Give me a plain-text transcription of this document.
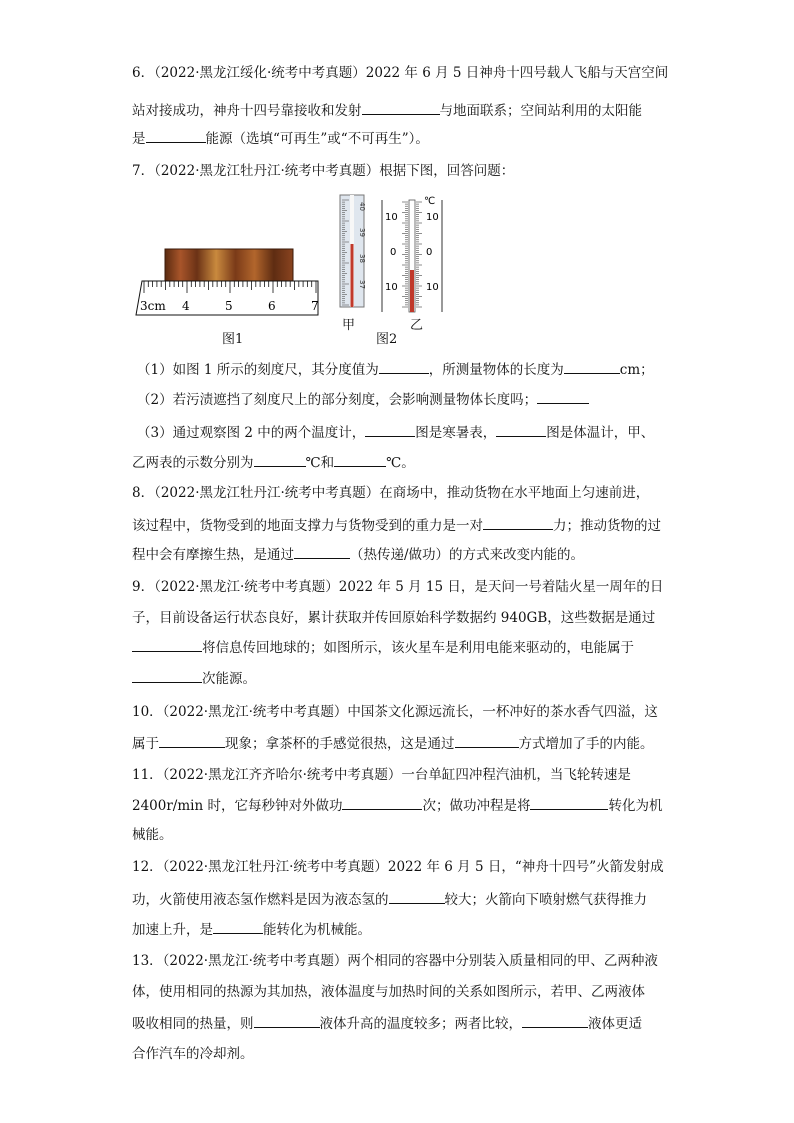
6．（2022·黑龙江绥化·统考中考真题）2022 年 6 月 5 日神舟十四号载人飞船与天宫空间
站对接成功，神舟十四号靠接收和发射	与地面联系；空间站利用的太阳能
是	能源（选填“可再生”或“不可再生”）。
7．（2022·黑龙江牡丹江·统考中考真题）根据下图，回答问题：
3cm 4	5	6	7
图1
40
39
38
37
℃
10
0
10
10
0
10
甲
图2
乙
（1）如图 1 所示的刻度尺，其分度值为	，所测量物体的长度为	cm；
（2）若污渍遮挡了刻度尺上的部分刻度，会影响测量物体长度吗；
（3）通过观察图 2 中的两个温度计，	图是寒暑表，	图是体温计，甲、
乙两表的示数分别为	℃和	℃。
8．（2022·黑龙江牡丹江·统考中考真题）在商场中，推动货物在水平地面上匀速前进，
该过程中，货物受到的地面支撑力与货物受到的重力是一对	力；推动货物的过
程中会有摩擦生热，是通过	（热传递/做功）的方式来改变内能的。
9．（2022·黑龙江·统考中考真题）2022 年 5 月 15 日，是天问一号着陆火星一周年的日
子，目前设备运行状态良好，累计获取并传回原始科学数据约 940GB，这些数据是通过
将信息传回地球的；如图所示，该火星车是利用电能来驱动的，电能属于
次能源。
10．（2022·黑龙江·统考中考真题）中国茶文化源远流长，一杯冲好的茶水香气四溢，这
属于	现象；拿茶杯的手感觉很热，这是通过	方式增加了手的内能。
11．（2022·黑龙江齐齐哈尔·统考中考真题）一台单缸四冲程汽油机，当飞轮转速是
2400r/min 时，它每秒钟对外做功	次；做功冲程是将	转化为机
械能。
12．（2022·黑龙江牡丹江·统考中考真题）2022 年 6 月 5 日，“神舟十四号”火箭发射成
功，火箭使用液态氢作燃料是因为液态氢的	较大；火箭向下喷射燃气获得推力
加速上升，是	能转化为机械能。
13．（2022·黑龙江·统考中考真题）两个相同的容器中分别装入质量相同的甲、乙两种液
体，使用相同的热源为其加热，液体温度与加热时间的关系如图所示，若甲、乙两液体
吸收相同的热量，则	液体升高的温度较多；两者比较，	液体更适
合作汽车的冷却剂。
